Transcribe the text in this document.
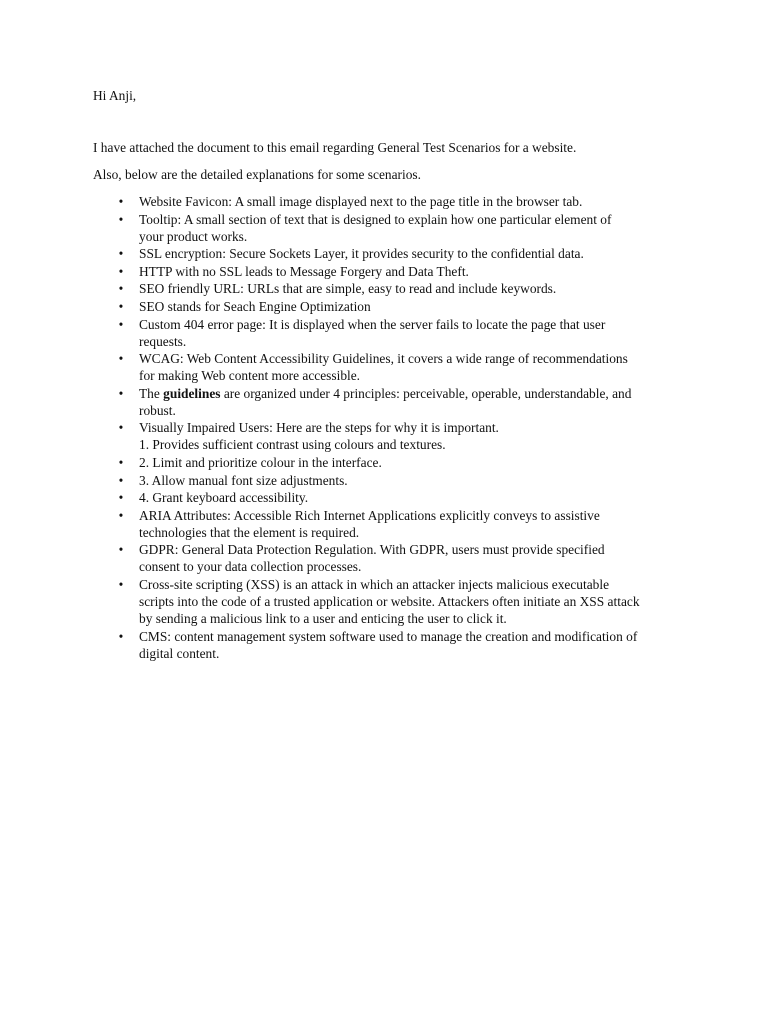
Hi Anji,

I have attached the document to this email regarding General Test Scenarios for a website.

Also, below are the detailed explanations for some scenarios.

• Website Favicon: A small image displayed next to the page title in the browser tab.
• Tooltip: A small section of text that is designed to explain how one particular element of
your product works.
• SSL encryption: Secure Sockets Layer, it provides security to the confidential data.
• HTTP with no SSL leads to Message Forgery and Data Theft.
• SEO friendly URL: URLs that are simple, easy to read and include keywords.
• SEO stands for Seach Engine Optimization
• Custom 404 error page: It is displayed when the server fails to locate the page that user
requests.
• WCAG: Web Content Accessibility Guidelines, it covers a wide range of recommendations
for making Web content more accessible.
• The guidelines are organized under 4 principles: perceivable, operable, understandable, and
robust.
• Visually Impaired Users: Here are the steps for why it is important.
1. Provides sufficient contrast using colours and textures.
• 2. Limit and prioritize colour in the interface.
• 3. Allow manual font size adjustments.
• 4. Grant keyboard accessibility.
• ARIA Attributes: Accessible Rich Internet Applications explicitly conveys to assistive
technologies that the element is required.
• GDPR: General Data Protection Regulation. With GDPR, users must provide specified
consent to your data collection processes.
• Cross-site scripting (XSS) is an attack in which an attacker injects malicious executable
scripts into the code of a trusted application or website. Attackers often initiate an XSS attack
by sending a malicious link to a user and enticing the user to click it.
• CMS: content management system software used to manage the creation and modification of
digital content.
